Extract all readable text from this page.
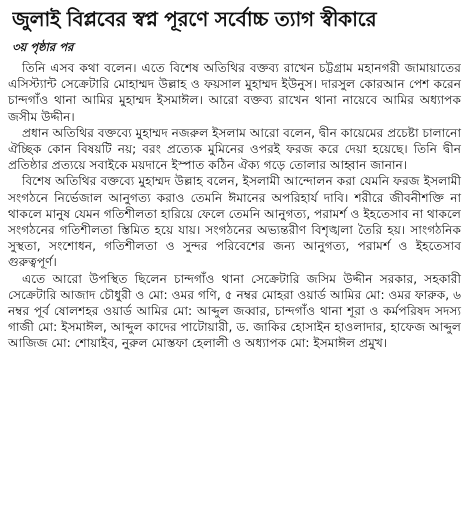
জুলাই বিপ্লবের স্বপ্ন পূরণে সর্বোচ্চ ত্যাগ স্বীকারে
৩য় পৃষ্ঠার পর

তিনি এসব কথা বলেন। এতে বিশেষ অতিথির বক্তব্য রাখেন চট্টগ্রাম মহানগরী জামায়াতের এসিস্ট্যান্ট সেক্রেটারি মোহাম্মদ উল্লাহ ও ফয়সাল মুহাম্মদ ইউনুস। দারসুল কোরআন পেশ করেন চান্দগাঁও থানা আমির মুহাম্মদ ইসমাঈল। আরো বক্তব্য রাখেন থানা নায়েবে আমির অধ্যাপক জসীম উদ্দীন।

প্রধান অতিথির বক্তব্যে মুহাম্মদ নজরুল ইসলাম আরো বলেন, দ্বীন কায়েমের প্রচেষ্টা চালানো ঐচ্ছিক কোন বিষয়টি নয়; বরং প্রত্যেক মুমিনের ওপরই ফরজ করে দেয়া হয়েছে। তিনি দ্বীন প্রতিষ্ঠার প্রত্যয়ে সবাইকে ময়দানে ইস্পাত কঠিন ঐক্য গড়ে তোলার আহ্বান জানান।

বিশেষ অতিথির বক্তব্যে মুহাম্মদ উল্লাহ বলেন, ইসলামী আন্দোলন করা যেমনি ফরজ ইসলামী সংগঠনে নির্ভেজাল আনুগত্য করাও তেমনি ঈমানের অপরিহার্য দাবি। শরীরে জীবনীশক্তি না থাকলে মানুষ যেমন গতিশীলতা হারিয়ে ফেলে তেমনি আনুগত্য, পরামর্শ ও ইহতেসাব না থাকলে সংগঠনের গতিশীলতা স্তিমিত হয়ে যায়। সংগঠনের অভ্যন্তরীণ বিশৃঙ্খলা তৈরি হয়। সাংগঠনিক সুস্থতা, সংশোধন, গতিশীলতা ও সুন্দর পরিবেশের জন্য আনুগত্য, পরামর্শ ও ইহতেসাব গুরুত্বপূর্ণ।

এতে আরো উপস্থিত ছিলেন চান্দগাঁও থানা সেক্রেটারি জসিম উদ্দীন সরকার, সহকারী সেক্রেটারি আজাদ চৌধুরী ও মো: ওমর গণি, ৫ নম্বর মোহরা ওয়ার্ড আমির মো: ওমর ফারুক, ৬ নম্বর পূর্ব ষোলশহর ওয়ার্ড আমির মো: আব্দুল জব্বার, চান্দগাঁও থানা শূরা ও কর্মপরিষদ সদস্য গাজী মো: ইসমাঈল, আব্দুল কাদের পাটোয়ারী, ড. জাকির হোসাইন হাওলাদার, হাফেজ আব্দুল আজিজ মো: শোয়াইব, নুরুল মোস্তফা হেলালী ও অধ্যাপক মো: ইসমাঈল প্রমুখ।
